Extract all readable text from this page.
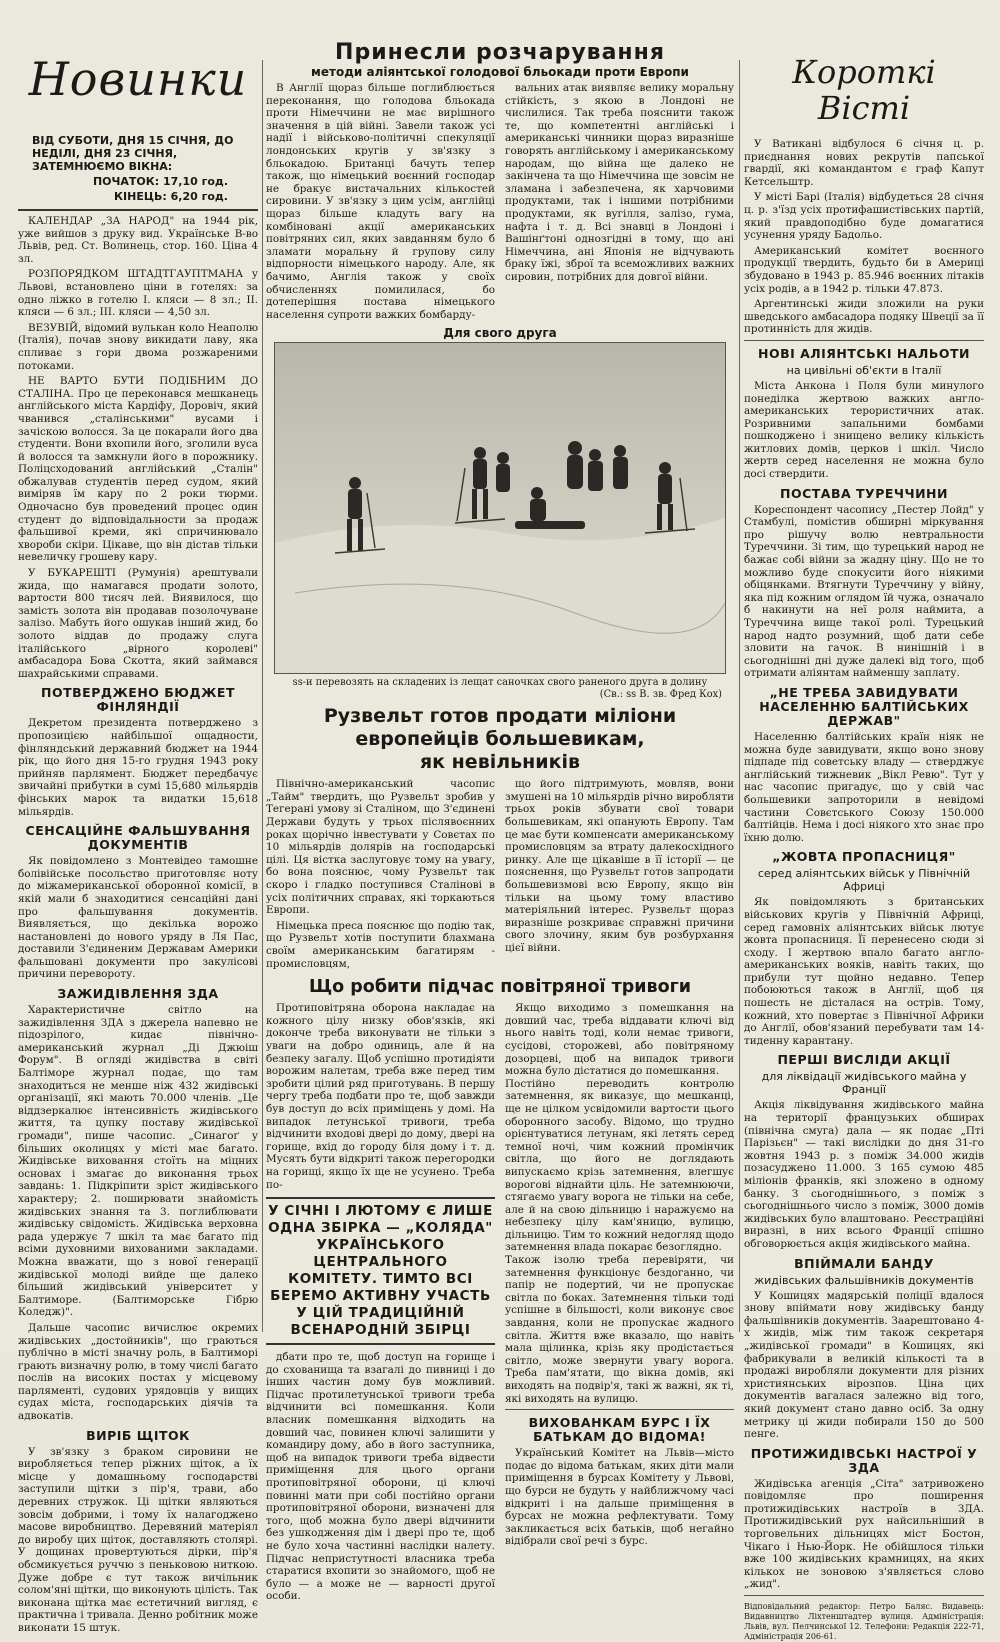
Новинки
ВІД СУБОТИ, ДНЯ 15 СІЧНЯ, ДО НЕДІЛІ, ДНЯ 23 СІЧНЯ, ЗАТЕМНЮЄМО ВІКНА:
ПОЧАТОК: 17,10 год.
КІНЕЦЬ: 6,20 год.

КАЛЕНДАР „ЗА НАРОД" на 1944 рік, уже вийшов з друку вид. Українське В-во Львів, ред. Ст. Волинець, стор. 160. Ціна 4 зл.

РОЗПОРЯДКОМ ШТАДТГАУПТМАНА у Львові, встановлено ціни в готелях: за одно ліжко в готелю І. кляси — 8 зл.; ІІ. кляси — 6 зл.; ІІІ. кляси — 4,50 зл.

ВЕЗУВІЙ, відомий вулькан коло Неаполю (Італія), почав знову викидати лаву, яка спливає з гори двома розжареними потоками.

НЕ ВАРТО БУТИ ПОДІБНИМ ДО СТАЛІНА. Про це переконався мешканець англійського міста Кардіфу, Доровіч, який чванився „сталінськими" вусами і зачіскою волосся. За це покарали його два студенти. Вони вхопили його, зголили вуса й волосся та замкнули його в порожнику. Поліцсходований англійський „Сталін" обжалував студентів перед судом, який виміряв їм кару по 2 роки тюрми. Одночасно був проведений процес один студент до відповідальности за продаж фальшивої креми, які спричинювало хвороби скіри. Цікаве, що він дістав тільки невеличку грошеву кару.

У БУКАРЕШТІ (Румунія) арештували жида, що намагався продати золото, вартости 800 тисяч лей. Виявилося, що замість золота він продавав позолочуване залізо. Мабуть його ошукав інший жид, бо золото віддав до продажу слуга італійського „вірного королеві" амбасадора Бова Скотта, який займався шахрайськими справами.

ПОТВЕРДЖЕНО БЮДЖЕТ ФІНЛЯНДІЇ

Декретом президента потверджено з пропозицією найбільшої ощадности, фінляндський державний бюджет на 1944 рік, що його дня 15-го грудня 1943 року прийняв парлямент. Бюджет передбачує звичайні прибутки в сумі 15,680 мільярдів фінських марок та видатки 15,618 мільярдів.

СЕНСАЦІЙНЕ ФАЛЬШУВАННЯ ДОКУМЕНТІВ

Як повідомлено з Монтевідео тамошне болівійське посольство приготовляє ноту до міжамериканської оборонної комісії, в якій мали б знаходитися сенсаційні дані про фальшування документів. Виявляється, що декілька ворожо настановлені до нового уряду в Ля Пас, доставили З'єдиненим Державам Америки фальшовані документи про закулісові причини перевороту.

ЗАЖИДІВЛЕННЯ ЗДА

Характеристичне світло на зажидівлення ЗДА з джерела напевно не підозрілого, кидає північно-американський журнал „Ді Джюіш Форум". В огляді жидівства в світі Балтіморе журнал подає, що там знаходиться не менше ніж 432 жидівські організації, які мають 70.000 членів. „Це віддзеркалює інтенсивність жидівського життя, та цупку поставу жидівської громади", пише часопис. „Синагоґ у більших околицях у місті має багато. Жидівське виховання стоїть на міцних основах і змагає до виконання трьох завдань: 1. Підкріпити зріст жидівського характеру; 2. поширювати знайомість жидівських знання та 3. поглиблювати жидівську свідомість. Жидівська верховна рада удержує 7 шкіл та має багато під всіми духовними вихованими закладами. Можна вважати, що з нової генерації жидівської молоді вийде ще далеко більший жидівський університет у Балтиморе. (Балтиморське Гібрю Коледж)".

Дальше часопис вичислює окремих жидівських „достойників", що граються публічно в місті значну роль, в Балтиморі грають визначну ролю, в тому числі багато послів на високих постах у місцевому парляменті, судових урядовців у вищих судах міста, господарських діячів та адвокатів.

ВИРІБ ЩІТОК

У зв'язку з браком сировини не виробляється тепер ріжних щіток, а їх місце у домашньому господарстві заступили щітки з пір'я, трави, або деревних стружок. Ці щітки являються зовсім добрими, і тому їх налагоджено масове виробництво. Деревяний матеріял до виробу цих щіток, доставляють столярі. У дощинах провертуються дірки, пір'я обсмикується руччю з пеньковою ниткою. Дуже добре є тут також вичільник солом'яні щітки, що виконують цілість. Так виконана щітка має естетичний вигляд, є практична і тривала. Денно робітник може виконати 15 штук.

Принесли розчарування
методи аліянтської голодової бльокади проти Европи

В Англії щораз більше поглиблюється переконання, що голодова бльокада проти Німеччини не має вирішного значення в цій війні. Завели також усі надії і військово-політичні спекуляції лондонських кругів у зв'язку з бльокадою. Британці бачуть тепер також, що німецький воєнний господар не бракує вистачальних кількостей сировини. У зв'язку з цим усім, англійці щораз більше кладуть вагу на комбіновані акції американських повітряних сил, яких завданням було б зламати моральну й групову силу відпорности німецького народу. Але, як бачимо, Англія також у своїх обчисленнях помилилася, бо дотеперішня постава німецького населення супроти важких бомбарду-

вальних атак виявляє велику моральну стійкість, з якою в Лондоні не числилися. Так треба пояснити також те, що компетентні англійські і американські чинники щораз виразніше говорять англійському і американському народам, що війна ще далеко не закінчена та що Німеччина ще зовсім не зламана і забезпечена, як харчовими продуктами, так і іншими потрібними продуктами, як вугілля, залізо, гума, нафта і т. д. Всі знавці в Лондоні і Вашінґтоні однозгідні в тому, що ані Німеччина, ані Японія не відчувають браку їжі, зброї та всеможливих важних сировин, потрібних для довгої війни.

Для свого друга
ss-и перевозять на складених із лещат саночках свого раненого друга в долину
(Св.: ss В. зв. Фред Кох)
Рузвельт готов продати міліони
европейців большевикам,
як невільників

Північно-американський часопис „Тайм" твердить, що Рузвельт зробив у Тегерані умову зі Сталіном, що З'єдинені Держави будуть у трьох післявоєнних роках щорічно інвестувати у Совєтах по 10 мільярдів долярів на господарські цілі. Ця вістка заслуговує тому на увагу, бо вона пояснює, чому Рузвельт так скоро і гладко поступився Сталінові в усіх політичних справах, які торкаються Европи.

Німецька преса пояснює що подію так, що Рузвельт хотів поступити блахмана своїм американським багатирям - промисловцям,

що його підтримують, мовляв, вони змушені на 10 мільярдів річно виробляти трьох років збувати свої товари большевикам, які опанують Европу. Там це має бути компенсати американському промисловцям за втрату далекосхідного ринку. Але ще цікавіше в її історії — це пояснення, що Рузвельт готов запродати большевизмові всю Европу, якщо він тільки на цьому тому властиво матеріяльний інтерес. Рузвельт щораз виразніше розкриває справжні причини свого злочину, яким був розбурхання цієї війни.

Що робити підчас повітряної тривоги

Протиповітряна оборона накладає на кожного цілу низку обов'язків, які доконче треба виконувати не тільки з уваги на добро одиниць, але й на безпеку загалу. Щоб успішно протидіяти ворожим налетам, треба вже перед тим зробити цілий ряд приготувань. В першу чергу треба подбати про те, щоб завжди був доступ до всіх приміщень у домі. На випадок летунської тривоги, треба відчинити входові двері до дому, двері на горище, вхід до городу біля дому і т. д. Мусять бути відкриті також перегородки на горищі, якщо їх ще не усунено. Треба по-

У СІЧНІ І ЛЮТОМУ Є ЛИШЕ ОДНА ЗБІРКА — „КОЛЯДА" УКРАЇНСЬКОГО ЦЕНТРАЛЬНОГО КОМІТЕТУ. ТИМТО ВСІ БЕРЕМО АКТИВНУ УЧАСТЬ У ЦІЙ ТРАДИЦІЙНІЙ ВСЕНАРОДНІЙ ЗБІРЦІ

дбати про те, щоб доступ на горище і до схованища та взагалі до пивниці і до інших частин дому був можливий. Підчас протилетунської тривоги треба відчинити всі помешкання. Коли власник помешкання відходить на довший час, повинен ключі залишити у командиру дому, або в його заступника, щоб на випадок тривоги треба відвести приміщення для цього органи протиповітряної оборони, ці ключі повинні мати при собі постійно органи протиповітряної оборони, визначені для того, щоб можна було двері відчинити без ушкодження дім і двері про те, щоб не було хоча частинні наслідки налету. Підчас непристутності власника треба старатися вхопити зо знайомого, щоб не було — а може не — варності другої особи.

Якщо виходимо з помешкання на довший час, треба віддавати ключі від нього навіть тоді, коли немає тривоги, сусідові, сторожеві, або повітряному дозорцеві, щоб на випадок тривоги можна було дістатися до помешкання.
Постійно переводить контролю затемнення, як виказує, що мешканці, ще не цілком усвідомили вартости цього оборонного засобу. Відомо, що трудно орієнтуватися летунам, які летять серед темної ночі, чим кожний промінчик світла, що його не доглядають випускаємо крізь затемнення, влегшує ворогові віднайти ціль. Не затемнюючи, стягаємо увагу ворога не тільки на себе, але й на свою дільницю і наражуємо на небезпеку цілу кам'яницю, вулицю, дільницю. Тим то кожний недогляд щодо затемнення влада покарає безоглядно.
Також ізолю треба перевіряти, чи затемнення функціонує бездоганно, чи папір не подертий, чи не пропускає світла по боках. Затемнення тільки тоді успішне в більшості, коли виконує своє завдання, коли не пропускає жадного світла. Життя вже вказало, що навіть мала щілинка, крізь яку продістається світло, може звернути увагу ворога. Треба пам'ятати, що вікна домів, які виходять на подвір'я, такі ж важні, як ті, які виходять на вулицю.

ВИХОВАНКАМ БУРС І ЇХ БАТЬКАМ ДО ВІДОМА!

Український Комітет на Львів—місто подає до відома батькам, яких діти мали приміщення в бурсах Комітету у Львові, що бурси не будуть у найближчому часі відкриті і на дальше приміщення в бурсах не можна рефлектувати. Тому закликається всіх батьків, щоб негайно відібрали свої речі з бурс.

Короткі Вісті

У Ватикані відбулося 6 січня ц. р. приєднання нових рекрутів папської гвардії, які командантом є граф Капут Кетсельштр.

У місті Барі (Італія) відбудеться 28 січня ц. р. з'їзд усіх протифашистівських партій, який правдоподібно буде домагатися усунення уряду Бадольо.

Американський комітет воєнного продукції твердить, будьто би в Америці збудовано в 1943 р. 85.946 воєнних літаків усіх родів, а в 1942 р. тільки 47.873.

Аргентинські жиди зложили на руки шведського амбасадора подяку Швеції за її протинність для жидів.

НОВІ АЛІЯНТСЬКІ НАЛЬОТИ
на цивільні об'єкти в Італії

Міста Анкона і Поля були минулого понеділка жертвою важких англо-американських терористичних атак. Розривними запальними бомбами пошкоджено і знищено велику кількість житлових домів, церков і шкіл. Число жертв серед населення не можна було досі ствердити.

ПОСТАВА ТУРЕЧЧИНИ

Кореспондент часопису „Пестер Лойд" у Стамбулі, помістив обширні міркування про рішучу волю невтральности Туреччини. Зі тим, що турецький народ не бажає собі війни за жадну ціну. Що не то можливо буде спокусити його ніякими обіцянками. Втягнути Туреччину у війну, яка під кожним оглядом їй чужа, означало б накинути на неї роля наймита, а Туреччина вище такої ролі. Турецький народ надто розумний, щоб дати себе зловити на гачок. В нинішній і в сьогоднішні дні дуже далекі від того, щоб отримати аліянтам найменшу заплату.

„НЕ ТРЕБА ЗАВИДУВАТИ НАСЕЛЕННЮ БАЛТІЙСЬКИХ ДЕРЖАВ"

Населенню балтійських країн ніяк не можна буде завидувати, якщо воно знову підпаде під советську владу — стверджує англійський тижневик „Вікл Ревю". Тут у нас часопис пригадує, що у свій час большевики запроторили в невідомі частини Совєтського Союзу 150.000 балтійців. Нема і досі ніякого хто знає про їхню долю.

„ЖОВТА ПРОПАСНИЦЯ"
серед аліянтських військ у Північній Африці

Як повідомляють з британських військових кругів у Північній Африці, серед гамовніх аліянтських військ лютує жовта пропасниця. Її перенесено сюди зі сходу. І жертвою впало багато англо-американських вояків, навіть таких, що прибули тут щойно недавно. Тепер побоюються також в Англії, щоб ця пошесть не дісталася на острів. Тому, кожний, хто повертає з Північної Африки до Англії, обов'язаний перебувати там 14-тиденну карантану.

ПЕРШІ ВИСЛІДИ АКЦІЇ
для ліквідації жидівського майна у Франції

Акція ліквідування жидівського майна на території французьких обширах (північна смуга) дала — як подає „Пті Парізьєн" — такі вислідки до дня 31-го жовтня 1943 р. з поміж 34.000 жидів позасуджено 11.000. З 165 сумою 485 міліонів франків, які зложено в одному банку. З сьогоднішнього, з поміж з сьогоднішнього число з поміж, 3000 домів жидівських було влаштовано. Реєстраційні виразні, в них всього Франції спішно обговорюється акція жидівського майна.

ВПІЙМАЛИ БАНДУ
жидівських фальшівників документів

У Кошицях мадярській поліції вдалося знову впіймати нову жидівську банду фальшівників документів. Заарештовано 4-х жидів, між тим також секретаря „жидівської громади" в Кошицях, які фабрикували в великій кількості та в продажі виробляли документи для різних християнських вірозпов. Ціна цих документів вагалася залежно від того, який документ стано давно осіб. За одну метрику ці жиди побирали 150 до 500 пенге.

ПРОТИЖИДІВСЬКІ НАСТРОЇ У ЗДА

Жидівська агенція „Сіта" затривожено повідомляє про поширення протижидівських настроїв в ЗДА. Протижидівський рух найсильніший в торговельних дільницях міст Бостон, Чікаго і Нью-Йорк. Не обійшлося тільки вже 100 жидівських крамницях, на яких кількох не зоновою з'являється слово „жид".

Відповідальний редактор: Петро Баляс. Видавець: Видавництво Ліхтенштадтер вулиця. Адміністрація: Львів, вул. Пелчинської 12. Телефони: Редакція 222-71, Адміністрація 206-61.
